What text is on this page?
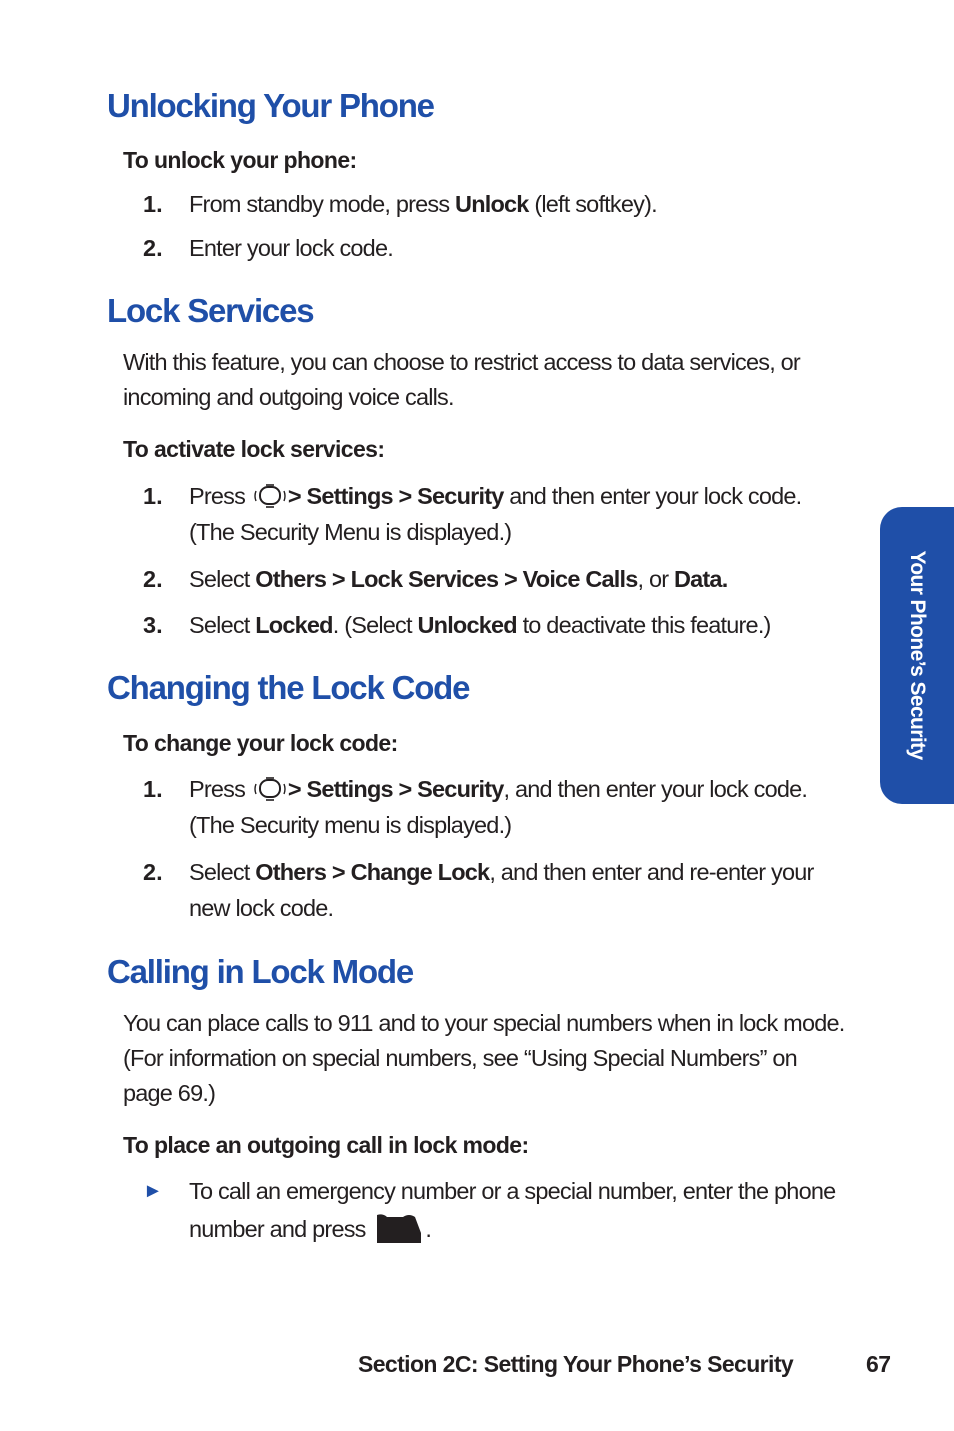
Unlocking Your Phone

To unlock your phone:

1. From standby mode, press Unlock (left softkey).
2. Enter your lock code.
Lock Services

With this feature, you can choose to restrict access to data services, or
incoming and outgoing voice calls.

To activate lock services:

1. Press > Settings > Security and then enter your lock code.
(The Security Menu is displayed.)
2. Select Others > Lock Services > Voice Calls, or Data.
3. Select Locked. (Select Unlocked to deactivate this feature.)
Changing the Lock Code

To change your lock code:

1. Press > Settings > Security, and then enter your lock code.
(The Security menu is displayed.)
2. Select Others > Change Lock, and then enter and re-enter your
new lock code.
Calling in Lock Mode

You can place calls to 911 and to your special numbers when in lock mode.
(For information on special numbers, see “Using Special Numbers” on
page 69.)

To place an outgoing call in lock mode:

► To call an emergency number or a special number, enter the phone
number and press
TALK
.
Your Phone’s Security

Section 2C: Setting Your Phone’s Security	67
